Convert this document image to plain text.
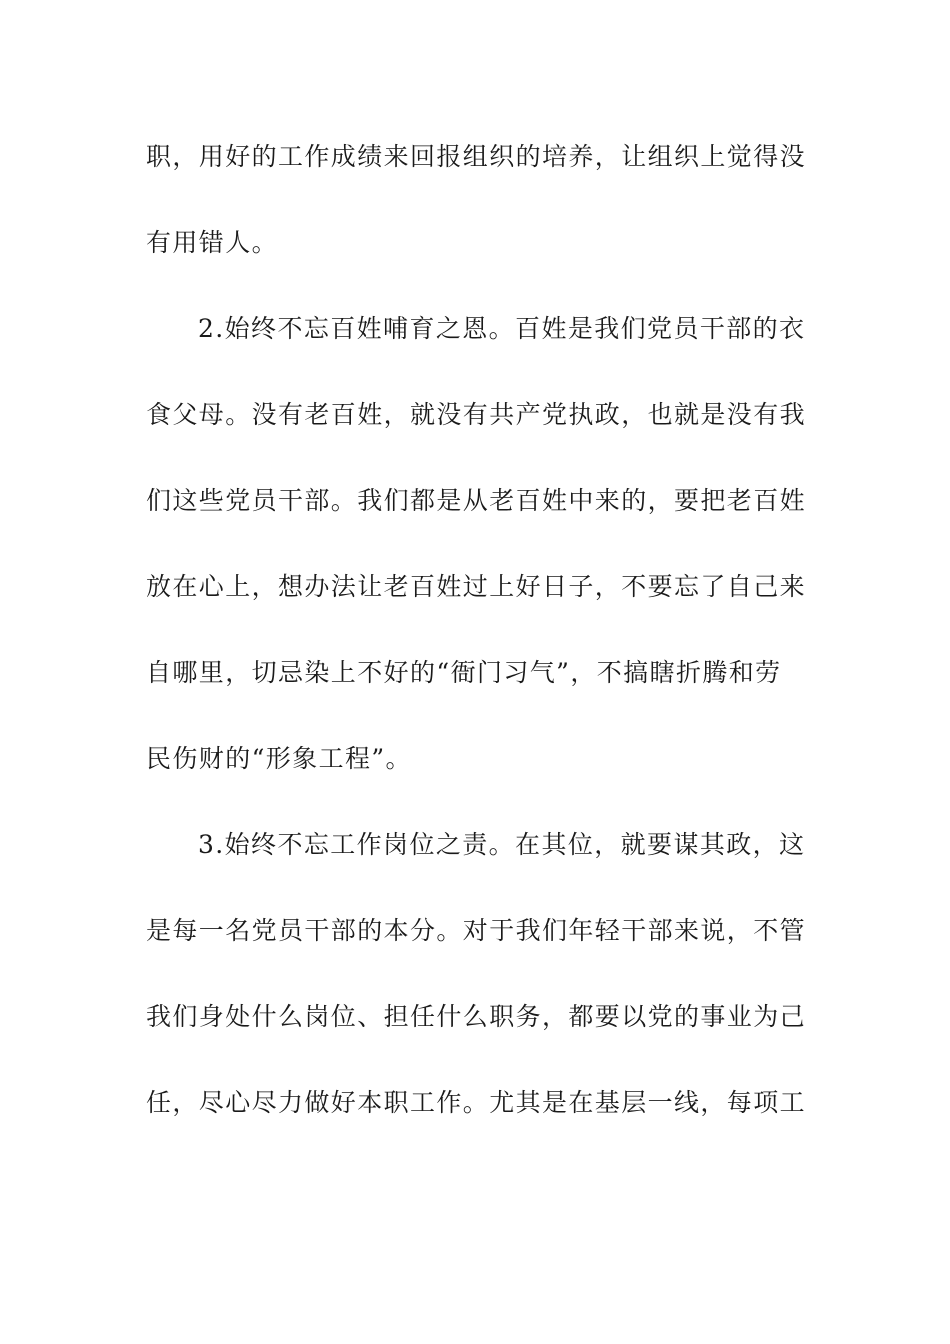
职，用好的工作成绩来回报组织的培养，让组织上觉得没
有用错人。
2.始终不忘百姓哺育之恩。百姓是我们党员干部的衣
食父母。没有老百姓，就没有共产党执政，也就是没有我
们这些党员干部。我们都是从老百姓中来的，要把老百姓
放在心上，想办法让老百姓过上好日子，不要忘了自己来
自哪里，切忌染上不好的“衙门习气”，不搞瞎折腾和劳
民伤财的“形象工程”。
3.始终不忘工作岗位之责。在其位，就要谋其政，这
是每一名党员干部的本分。对于我们年轻干部来说，不管
我们身处什么岗位、担任什么职务，都要以党的事业为己
任，尽心尽力做好本职工作。尤其是在基层一线，每项工
